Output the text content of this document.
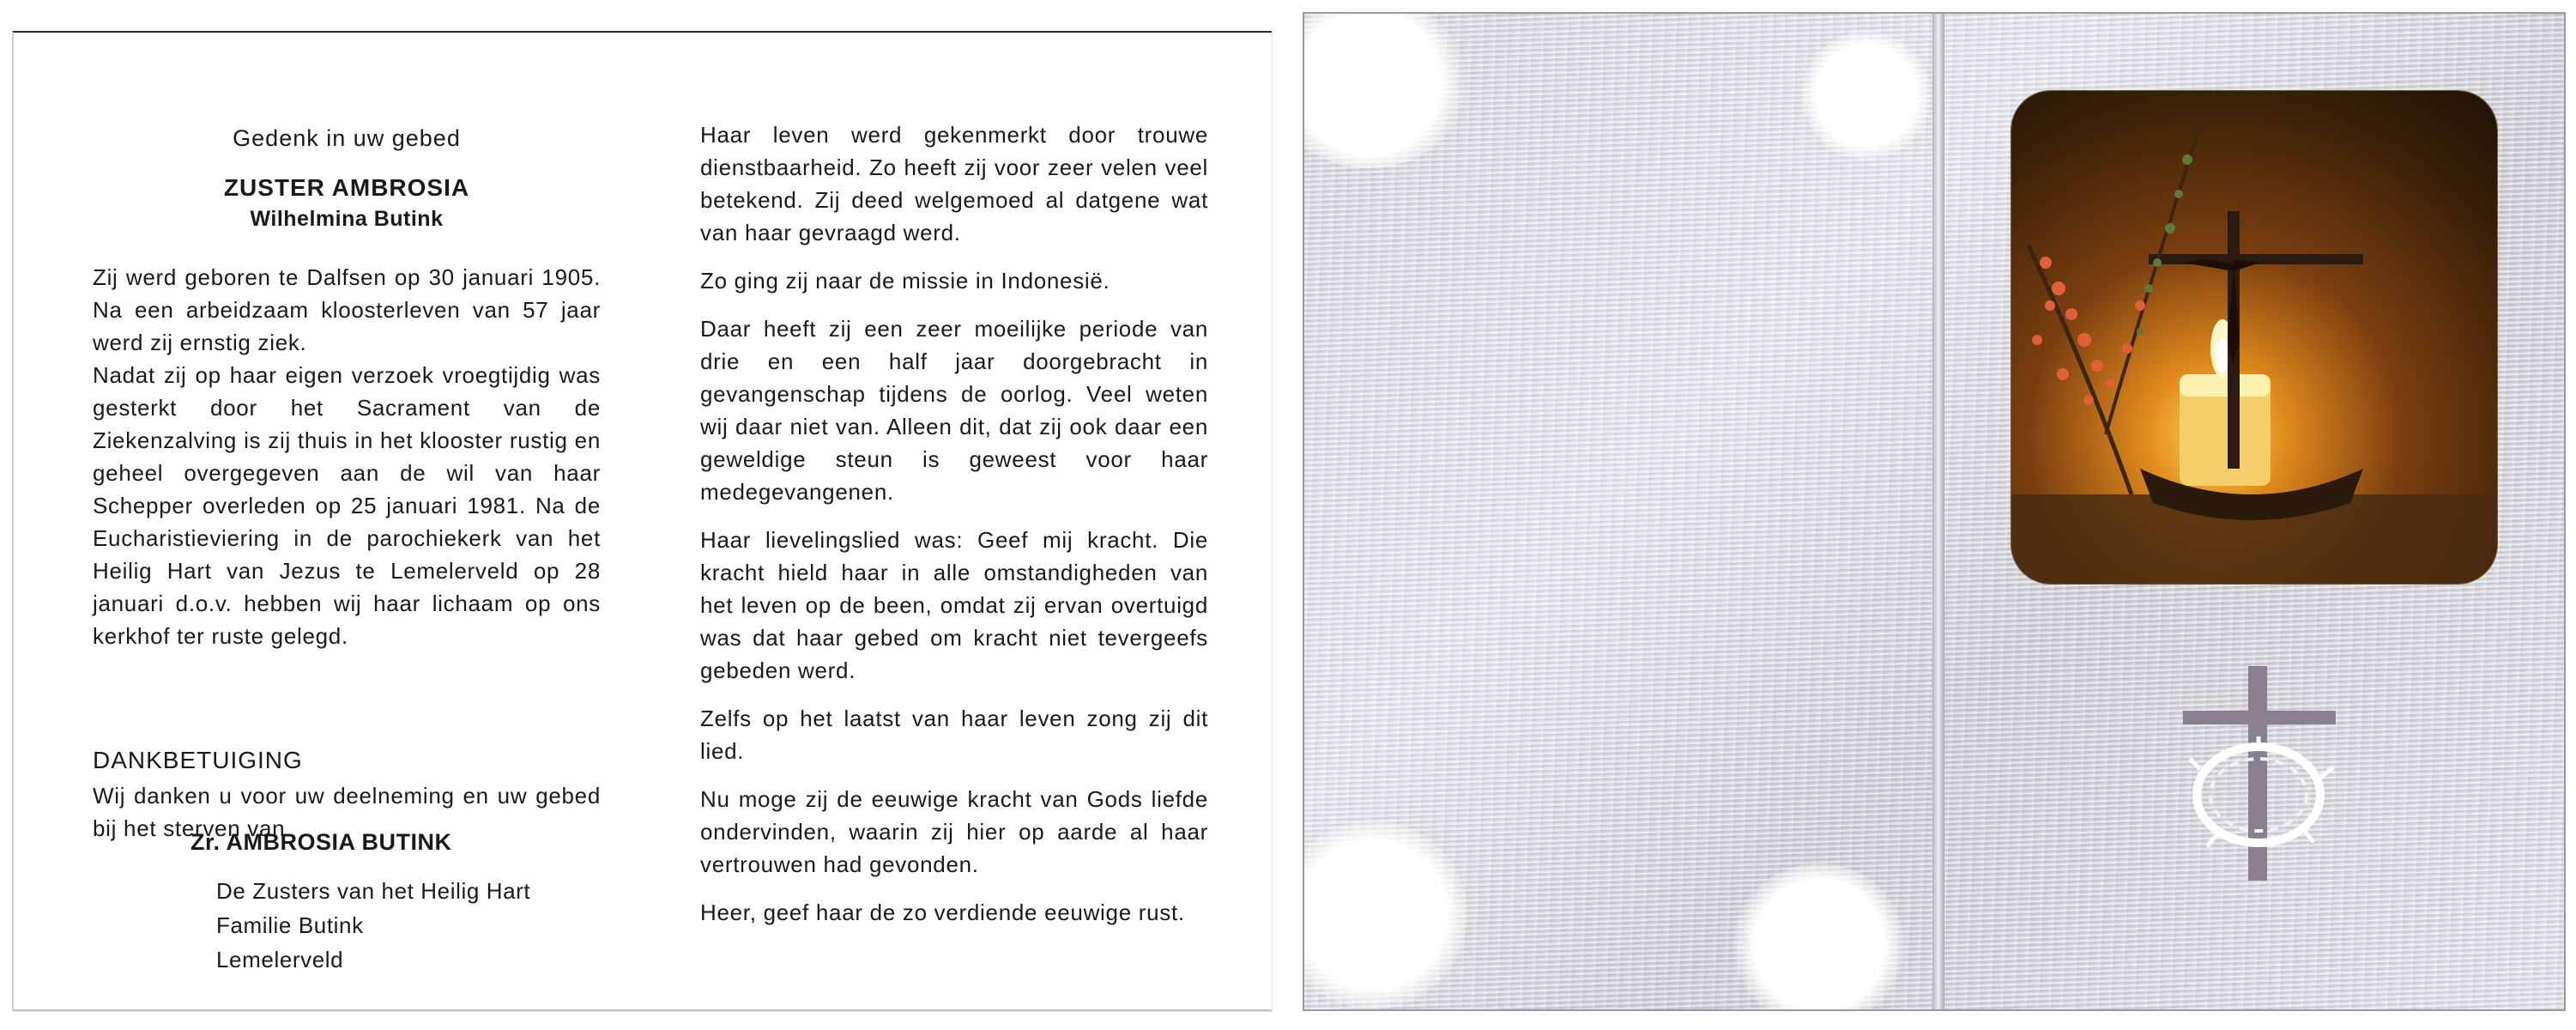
Gedenk in uw gebed
ZUSTER AMBROSIA
Wilhelmina Butink

Zij werd geboren te Dalfsen op 30 januari 1905. Na een arbeidzaam kloosterleven van 57 jaar werd zij ernstig ziek.

Nadat zij op haar eigen verzoek vroegtijdig was gesterkt door het Sacrament van de Ziekenzalving is zij thuis in het klooster rustig en geheel overgegeven aan de wil van haar Schepper overleden op 25 januari 1981. Na de Eucharistieviering in de parochiekerk van het Heilig Hart van Jezus te Lemelerveld op 28 januari d.o.v. hebben wij haar lichaam op ons kerkhof ter ruste gelegd.

DANKBETUIGING

Wij danken u voor uw deelneming en uw gebed bij het sterven van

Zr. AMBROSIA BUTINK
De Zusters van het Heilig Hart
Familie Butink
Lemelerveld

Haar leven werd gekenmerkt door trouwe dienstbaarheid. Zo heeft zij voor zeer velen veel betekend. Zij deed welgemoed al datgene wat van haar gevraagd werd.

Zo ging zij naar de missie in Indonesië.

Daar heeft zij een zeer moeilijke periode van drie en een half jaar doorgebracht in gevangenschap tijdens de oorlog. Veel weten wij daar niet van. Alleen dit, dat zij ook daar een geweldige steun is geweest voor haar medegevangenen.

Haar lievelingslied was: Geef mij kracht. Die kracht hield haar in alle omstandigheden van het leven op de been, omdat zij ervan overtuigd was dat haar gebed om kracht niet tevergeefs gebeden werd.

Zelfs op het laatst van haar leven zong zij dit lied.

Nu moge zij de eeuwige kracht van Gods liefde ondervinden, waarin zij hier op aarde al haar vertrouwen had gevonden.

Heer, geef haar de zo verdiende eeuwige rust.
